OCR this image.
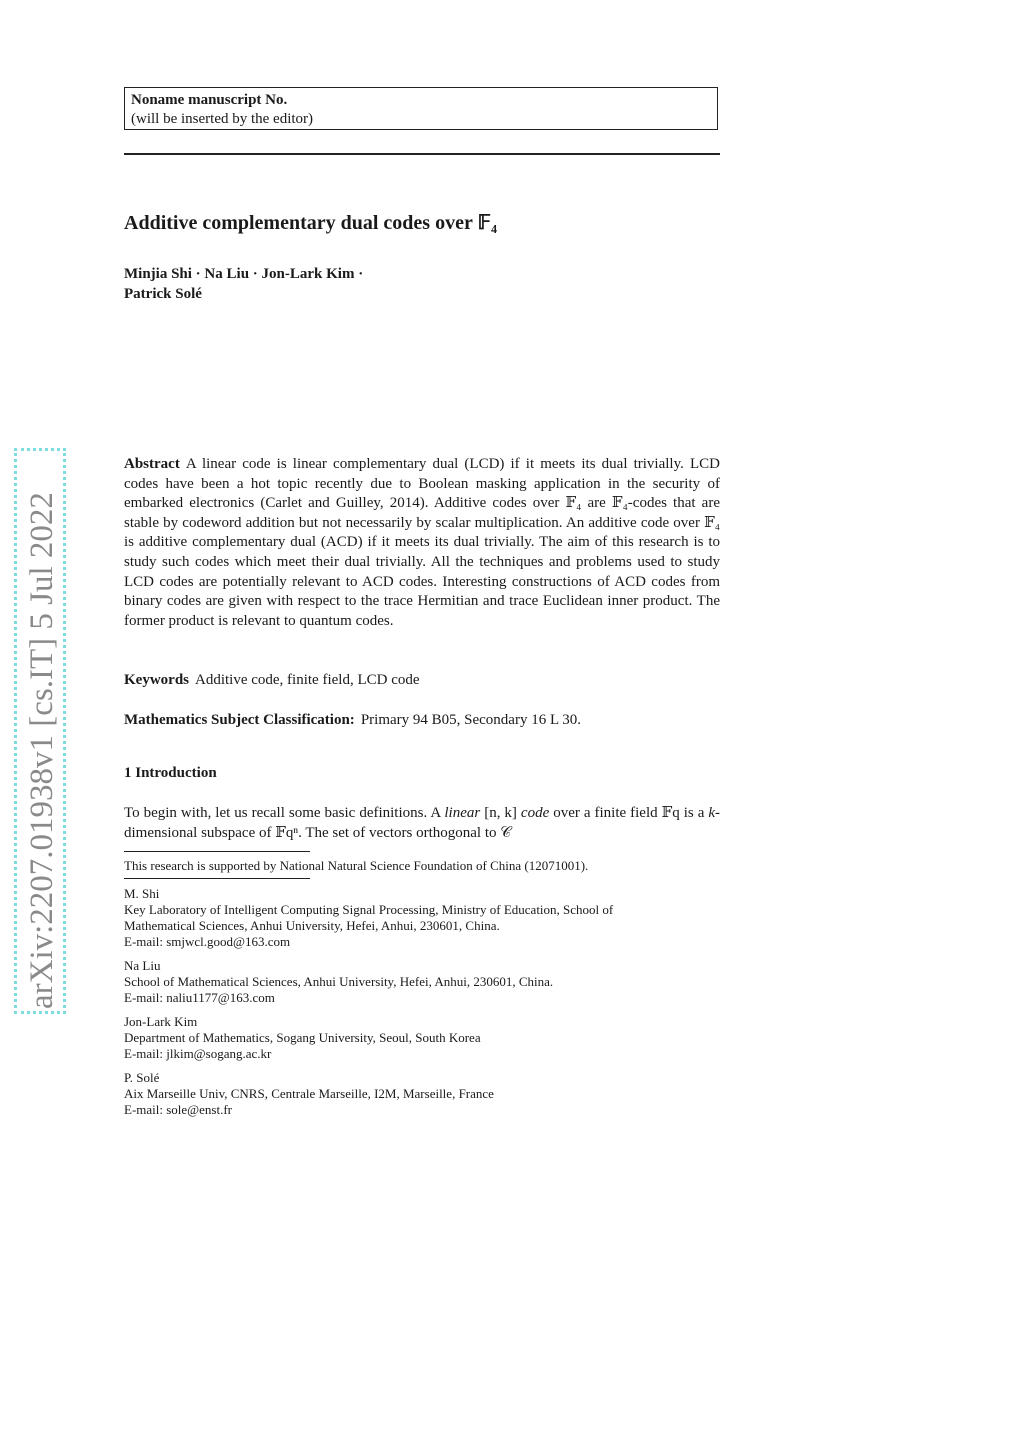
arXiv:2207.01938v1 [cs.IT] 5 Jul 2022
Noname manuscript No.
(will be inserted by the editor)
Additive complementary dual codes over 𝔽₄
Minjia Shi · Na Liu · Jon-Lark Kim ·
Patrick Solé
Abstract A linear code is linear complementary dual (LCD) if it meets its dual trivially. LCD codes have been a hot topic recently due to Boolean masking application in the security of embarked electronics (Carlet and Guilley, 2014). Additive codes over 𝔽₄ are 𝔽₄-codes that are stable by codeword addition but not necessarily by scalar multiplication. An additive code over 𝔽₄ is additive complementary dual (ACD) if it meets its dual trivially. The aim of this research is to study such codes which meet their dual trivially. All the techniques and problems used to study LCD codes are potentially relevant to ACD codes. Interesting constructions of ACD codes from binary codes are given with respect to the trace Hermitian and trace Euclidean inner product. The former product is relevant to quantum codes.
Keywords Additive code, finite field, LCD code
Mathematics Subject Classification: Primary 94 B05, Secondary 16 L 30.
1 Introduction
To begin with, let us recall some basic definitions. A linear [n, k] code over a finite field 𝔽q is a k-dimensional subspace of 𝔽qⁿ. The set of vectors orthogonal to 𝒞
This research is supported by National Natural Science Foundation of China (12071001).
M. Shi
Key Laboratory of Intelligent Computing Signal Processing, Ministry of Education, School of
Mathematical Sciences, Anhui University, Hefei, Anhui, 230601, China.
E-mail: smjwcl.good@163.com
Na Liu
School of Mathematical Sciences, Anhui University, Hefei, Anhui, 230601, China.
E-mail: naliu1177@163.com
Jon-Lark Kim
Department of Mathematics, Sogang University, Seoul, South Korea
E-mail: jlkim@sogang.ac.kr
P. Solé
Aix Marseille Univ, CNRS, Centrale Marseille, I2M, Marseille, France
E-mail: sole@enst.fr
